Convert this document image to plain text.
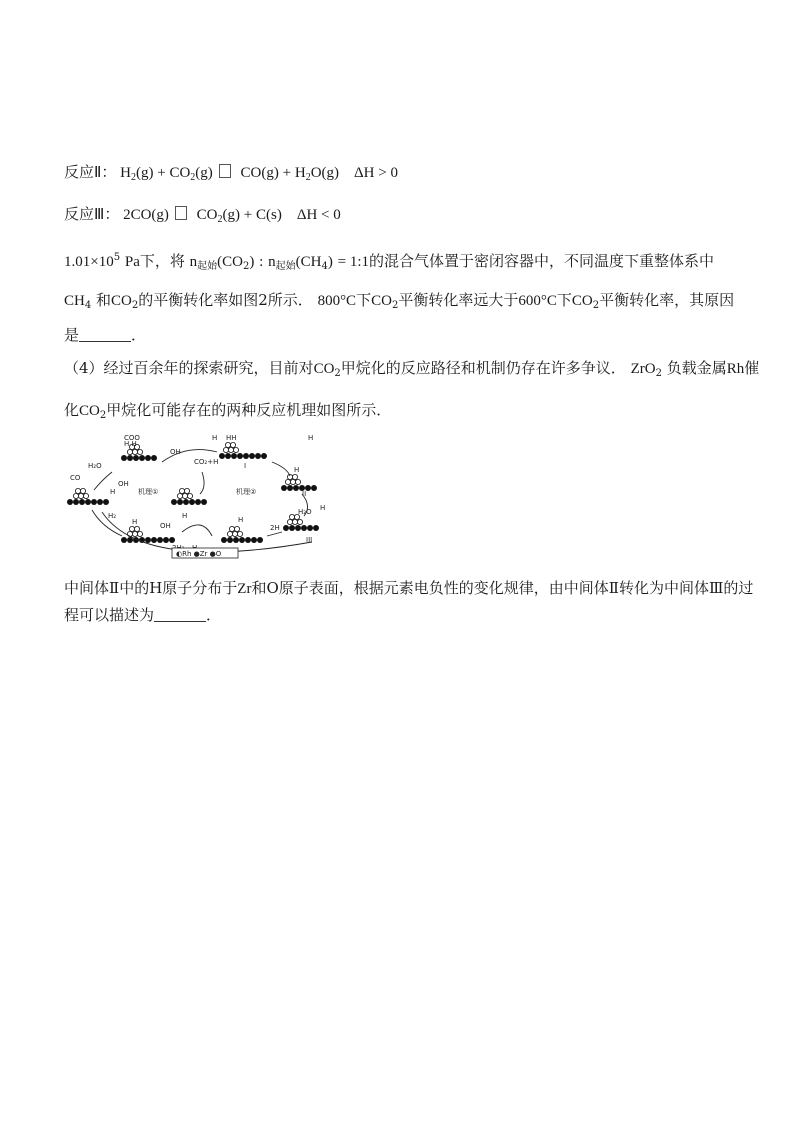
反应Ⅱ： $H_2(g) + CO_2(g) CO(g) + H_2O(g) \Delta H > 0$
反应Ⅲ： 2CO(g) $CO_2(g) + C(s) \Delta H < 0$
$1.01\times 10^5$ Pa下，将 $n_{起始}(CO_2)$ : $n_{起始}(CH_4)$ = 1:1的混合气体置于密闭容器中，不同温度下重整体系中
$CH_4$ 和$CO_2$的平衡转化率如图2所示． 800°C下$CO_2$平衡转化率远大于600°C下$CO_2$平衡转化率，其原因
是	．
（4）经过百余年的探索研究，目前对$CO_2$甲烷化的反应路径和机制仍存在许多争议． ZrO$_2$ 负载金属Rh催
化$CO_2$甲烷化可能存在的两种反应机理如图所示．
COO
H H
OH
H
CO₂+H
HH
I
H₂O
CO
H
OH
机理①	机理②
H
II
H
H₂O H
2H
III
H₂
H
H
OH
H
◐Rh ●Zr ●O
中间体Ⅱ中的H原子分布于Zr和O原子表面，根据元素电负性的变化规律，由中间体Ⅱ转化为中间体Ⅲ的过
程可以描述为	．
